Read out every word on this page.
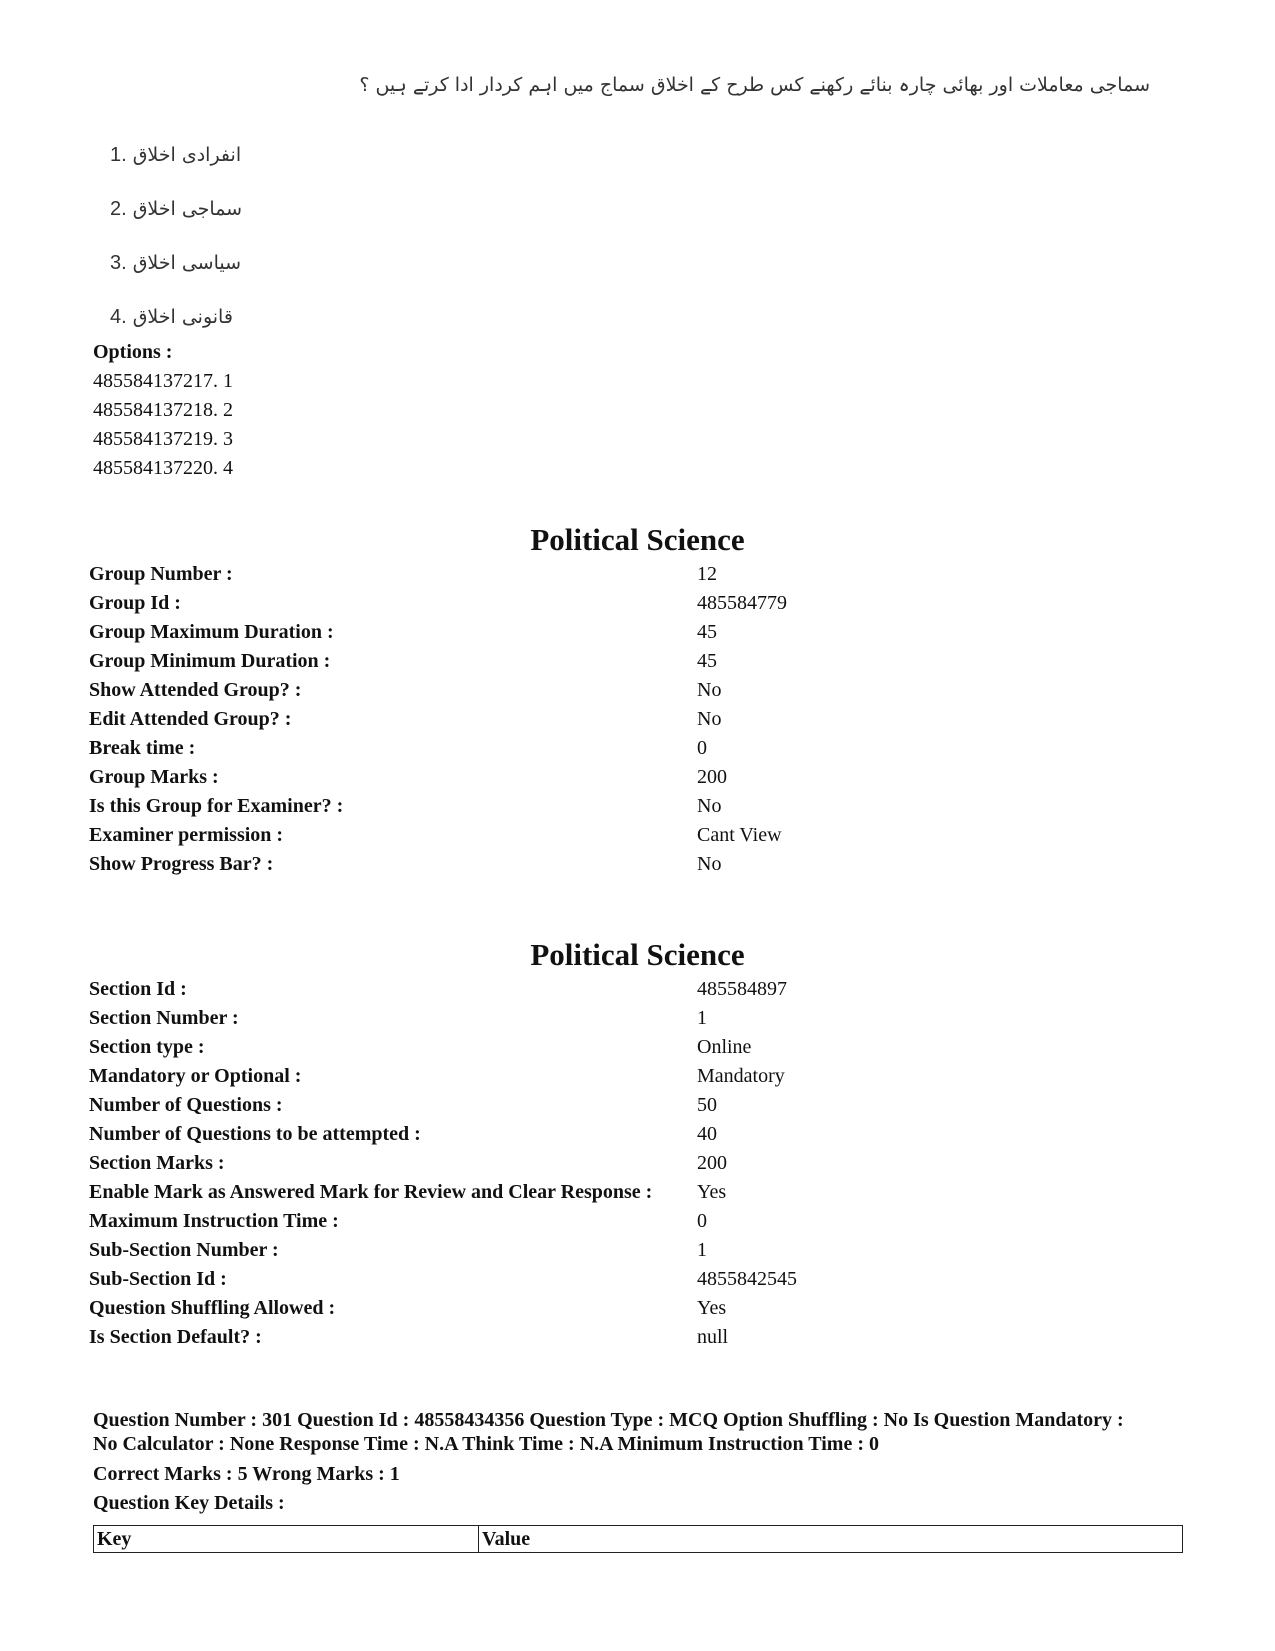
سماجی معاملات اور بھائی چارہ بنائے رکھنے کس طرح کے اخلاق سماج میں اہم کردار ادا کرتے ہیں ؟
1. انفرادی اخلاق
2. سماجی اخلاق
3. سیاسی اخلاق
4. قانونی اخلاق
Options :
485584137217. 1
485584137218. 2
485584137219. 3
485584137220. 4
Political Science
Group Number :	12
Group Id :	485584779
Group Maximum Duration :	45
Group Minimum Duration :	45
Show Attended Group? :	No
Edit Attended Group? :	No
Break time :	0
Group Marks :	200
Is this Group for Examiner? :	No
Examiner permission :	Cant View
Show Progress Bar? :	No
Political Science
Section Id :	485584897
Section Number :	1
Section type :	Online
Mandatory or Optional :	Mandatory
Number of Questions :	50
Number of Questions to be attempted :	40
Section Marks :	200
Enable Mark as Answered Mark for Review and Clear Response :	Yes
Maximum Instruction Time :	0
Sub-Section Number :	1
Sub-Section Id :	4855842545
Question Shuffling Allowed :	Yes
Is Section Default? :	null

Question Number : 301 Question Id : 48558434356 Question Type : MCQ Option Shuffling : No Is Question Mandatory :

No Calculator : None Response Time : N.A Think Time : N.A Minimum Instruction Time : 0

Correct Marks : 5 Wrong Marks : 1

Question Key Details :

Key	Value
